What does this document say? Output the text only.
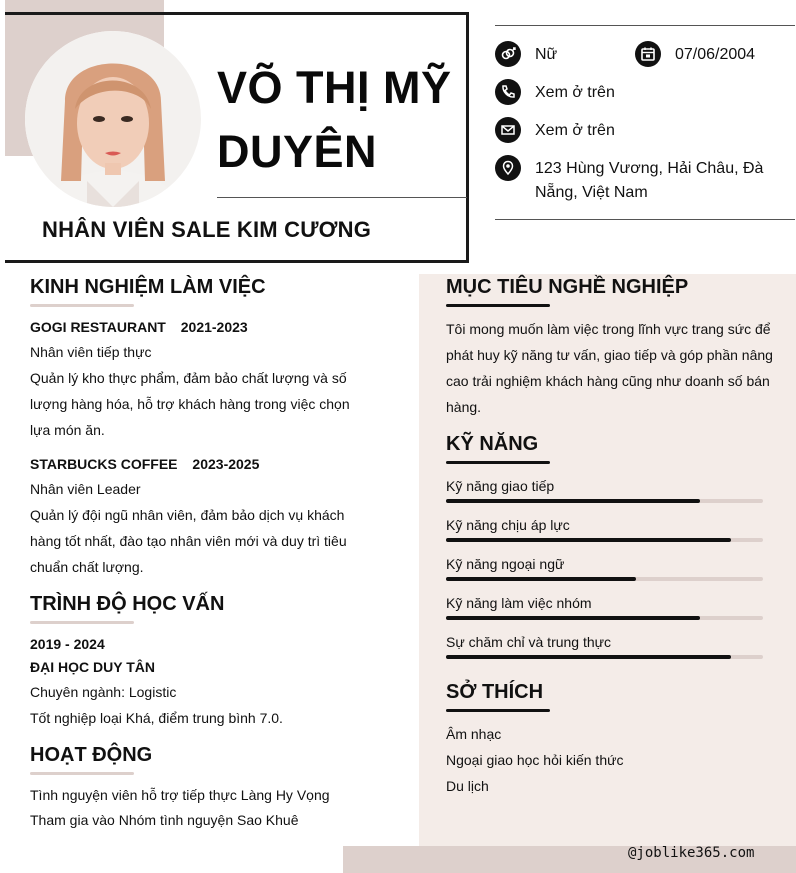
VÕ THỊ MỸ
DUYÊN
NHÂN VIÊN SALE KIM CƯƠNG
Nữ	07/06/2004
Xem ở trên
Xem ở trên
123 Hùng Vương, Hải Châu, Đà
Nẵng, Việt Nam
KINH NGHIỆM LÀM VIỆC
GOGI RESTAURANT 2021-2023
Nhân viên tiếp thực
Quản lý kho thực phẩm, đảm bảo chất lượng và số
lượng hàng hóa, hỗ trợ khách hàng trong việc chọn
lựa món ăn.
STARBUCKS COFFEE 2023-2025
Nhân viên Leader
Quản lý đội ngũ nhân viên, đảm bảo dịch vụ khách
hàng tốt nhất, đào tạo nhân viên mới và duy trì tiêu
chuẩn chất lượng.
TRÌNH ĐỘ HỌC VẤN
2019 - 2024
ĐẠI HỌC DUY TÂN
Chuyên ngành: Logistic
Tốt nghiệp loại Khá, điểm trung bình 7.0.
HOẠT ĐỘNG
Tình nguyện viên hỗ trợ tiếp thực Làng Hy Vọng
Tham gia vào Nhóm tình nguyện Sao Khuê
MỤC TIÊU NGHỀ NGHIỆP
Tôi mong muốn làm việc trong lĩnh vực trang sức để
phát huy kỹ năng tư vấn, giao tiếp và góp phần nâng
cao trải nghiệm khách hàng cũng như doanh số bán
hàng.
KỸ NĂNG
Kỹ năng giao tiếp
Kỹ năng chịu áp lực
Kỹ năng ngoại ngữ
Kỹ năng làm việc nhóm
Sự chăm chỉ và trung thực
SỞ THÍCH
Âm nhạc
Ngoại giao học hỏi kiến thức
Du lịch
@joblike365.com
